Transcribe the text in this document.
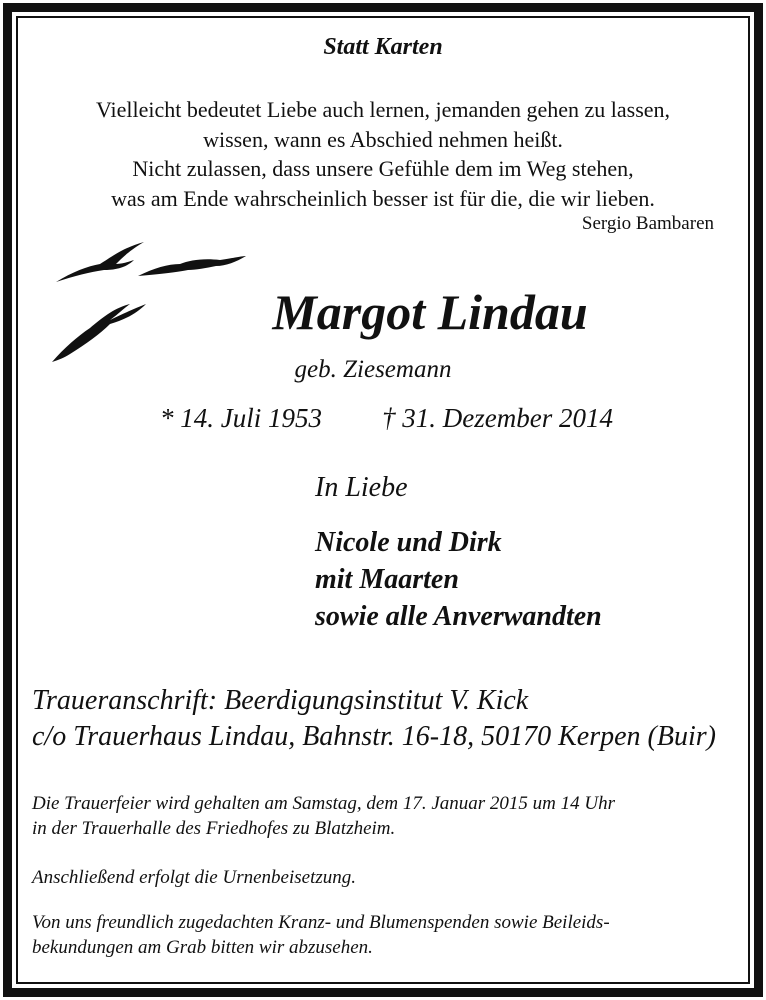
Statt Karten
Vielleicht bedeutet Liebe auch lernen, jemanden gehen zu lassen,
wissen, wann es Abschied nehmen heißt.
Nicht zulassen, dass unsere Gefühle dem im Weg stehen,
was am Ende wahrscheinlich besser ist für die, die wir lieben.
Sergio Bambaren
Margot Lindau
geb. Ziesemann
* 14. Juli 1953 † 31. Dezember 2014
In Liebe
Nicole und Dirk
mit Maarten
sowie alle Anverwandten
Traueranschrift: Beerdigungsinstitut V. Kick
c/o Trauerhaus Lindau, Bahnstr. 16-18, 50170 Kerpen (Buir)
Die Trauerfeier wird gehalten am Samstag, dem 17. Januar 2015 um 14 Uhr
in der Trauerhalle des Friedhofes zu Blatzheim.
Anschließend erfolgt die Urnenbeisetzung.
Von uns freundlich zugedachten Kranz- und Blumenspenden sowie Beileids-
bekundungen am Grab bitten wir abzusehen.
